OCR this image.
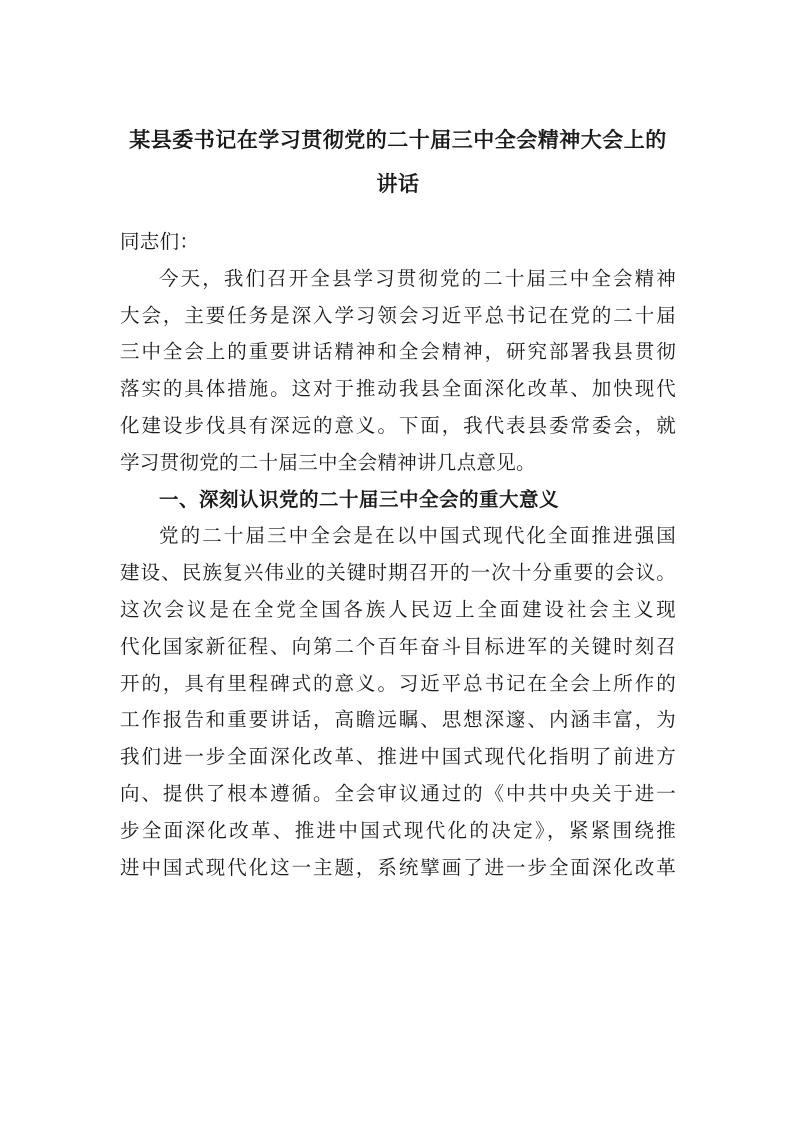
某县委书记在学习贯彻党的二十届三中全会精神大会上的
讲话
同志们：
今天，我们召开全县学习贯彻党的二十届三中全会精神
大会，主要任务是深入学习领会习近平总书记在党的二十届
三中全会上的重要讲话精神和全会精神，研究部署我县贯彻
落实的具体措施。这对于推动我县全面深化改革、加快现代
化建设步伐具有深远的意义。下面，我代表县委常委会，就
学习贯彻党的二十届三中全会精神讲几点意见。
一、深刻认识党的二十届三中全会的重大意义
党的二十届三中全会是在以中国式现代化全面推进强国
建设、民族复兴伟业的关键时期召开的一次十分重要的会议。
这次会议是在全党全国各族人民迈上全面建设社会主义现
代化国家新征程、向第二个百年奋斗目标进军的关键时刻召
开的，具有里程碑式的意义。习近平总书记在全会上所作的
工作报告和重要讲话，高瞻远瞩、思想深邃、内涵丰富，为
我们进一步全面深化改革、推进中国式现代化指明了前进方
向、提供了根本遵循。全会审议通过的《中共中央关于进一
步全面深化改革、推进中国式现代化的决定》，紧紧围绕推
进中国式现代化这一主题，系统擘画了进一步全面深化改革
